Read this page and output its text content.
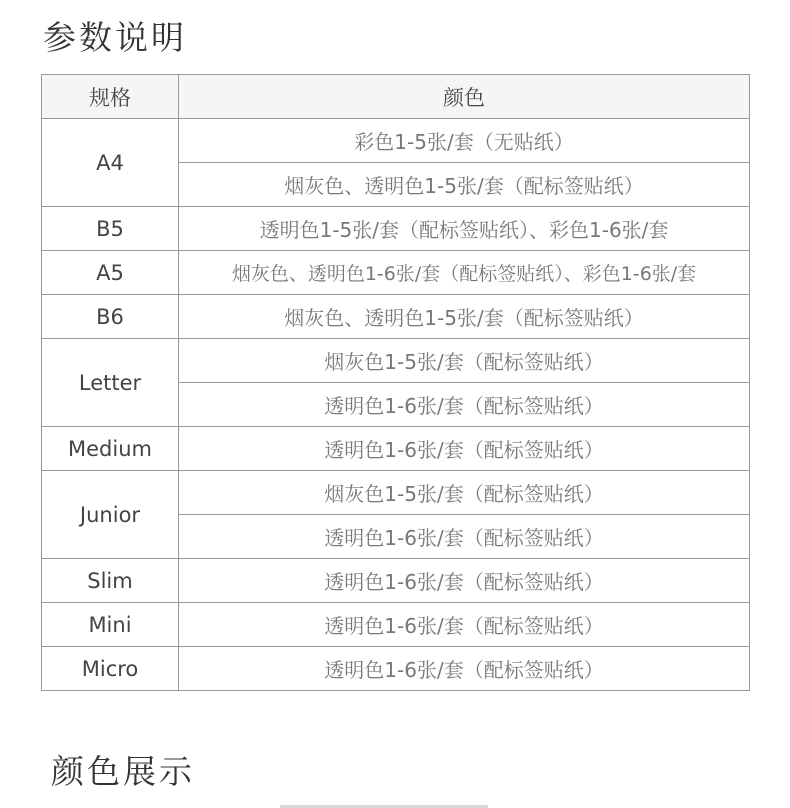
参数说明
规格	颜色
A4	彩色1-5张/套（无贴纸）
	烟灰色、透明色1-5张/套（配标签贴纸）
B5	透明色1-5张/套（配标签贴纸）、彩色1-6张/套
A5	烟灰色、透明色1-6张/套（配标签贴纸）、彩色1-6张/套
B6	烟灰色、透明色1-5张/套（配标签贴纸）
Letter	烟灰色1-5张/套（配标签贴纸）
	透明色1-6张/套（配标签贴纸）
Medium	透明色1-6张/套（配标签贴纸）
Junior	烟灰色1-5张/套（配标签贴纸）
	透明色1-6张/套（配标签贴纸）
Slim	透明色1-6张/套（配标签贴纸）
Mini	透明色1-6张/套（配标签贴纸）
Micro	透明色1-6张/套（配标签贴纸）
颜色展示
